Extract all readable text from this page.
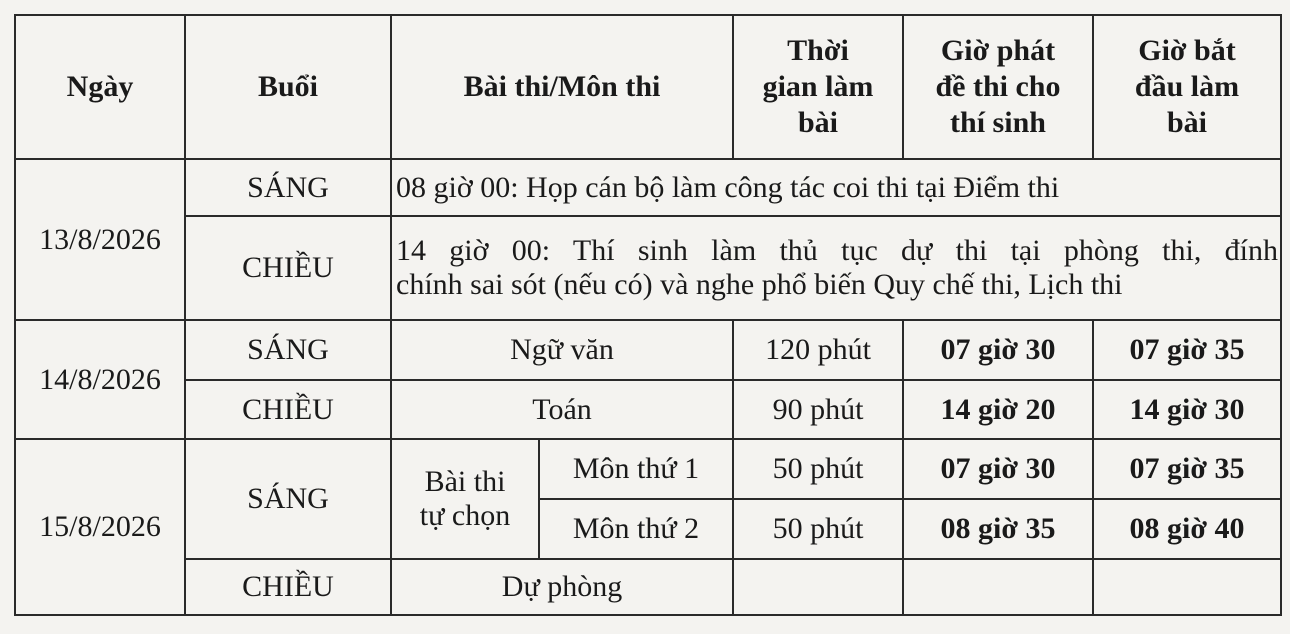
Ngày	Buổi	Bài thi/Môn thi		Thời
gian làm
bài	Giờ phát
đề thi cho
thí sinh	Giờ bắt
đầu làm
bài

13/8/2026	SÁNG	08 giờ 00: Họp cán bộ làm công tác coi thi tại Điểm thi				
	CHIỀU	14 giờ 00: Thí sinh làm thủ tục dự thi tại phòng thi, đính
chính sai sót (nếu có) và nghe phổ biến Quy chế thi, Lịch thi				

14/8/2026	SÁNG	Ngữ văn		120 phút	07 giờ 30	07 giờ 35
	CHIỀU	Toán		90 phút	14 giờ 20	14 giờ 30
15/8/2026	SÁNG	Bài thi
tự chọn	Môn thứ 1	50 phút	07 giờ 30	07 giờ 35
			Môn thứ 2	50 phút	08 giờ 35	08 giờ 40
	CHIỀU	Dự phòng				
